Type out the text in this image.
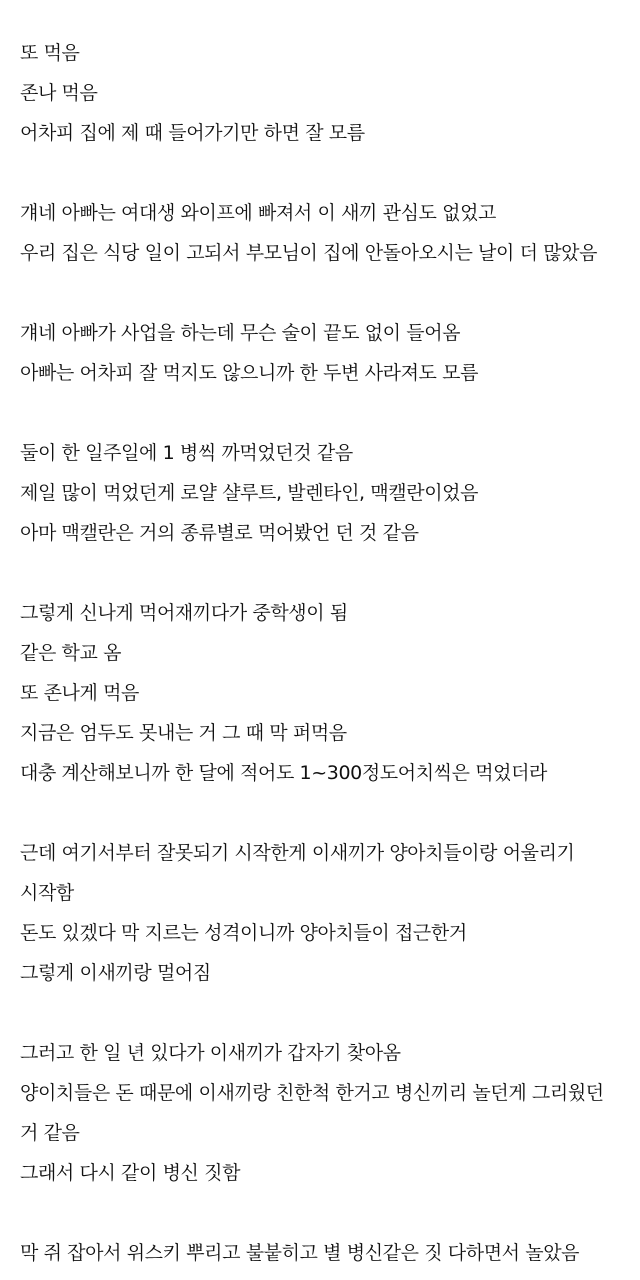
또 먹음
존나 먹음
어차피 집에 제 때 들어가기만 하면 잘 모름
걔네 아빠는 여대생 와이프에 빠져서 이 새끼 관심도 없었고
우리 집은 식당 일이 고되서 부모님이 집에 안돌아오시는 날이 더 많았음
걔네 아빠가 사업을 하는데 무슨 술이 끝도 없이 들어옴
아빠는 어차피 잘 먹지도 않으니까 한 두변 사라져도 모름
둘이 한 일주일에 1 병씩 까먹었던것 같음
제일 많이 먹었던게 로얄 샬루트, 발렌타인, 맥캘란이었음
아마 맥캘란은 거의 종류별로 먹어봤언 던 것 같음
그렇게 신나게 먹어재끼다가 중학생이 됨
같은 학교 옴
또 존나게 먹음
지금은 엄두도 못내는 거 그 때 막 퍼먹음
대충 계산해보니까 한 달에 적어도 1~300정도어치씩은 먹었더라
근데 여기서부터 잘못되기 시작한게 이새끼가 양아치들이랑 어울리기 시작함
돈도 있겠다 막 지르는 성격이니까 양아치들이 접근한거
그렇게 이새끼랑 멀어짐
그러고 한 일 년 있다가 이새끼가 갑자기 찾아옴
양이치들은 돈 때문에 이새끼랑 친한척 한거고 병신끼리 놀던게 그리웠던 거 같음
그래서 다시 같이 병신 짓함
막 쥐 잡아서 위스키 뿌리고 불붙히고 별 병신같은 짓 다하면서 놀았음
